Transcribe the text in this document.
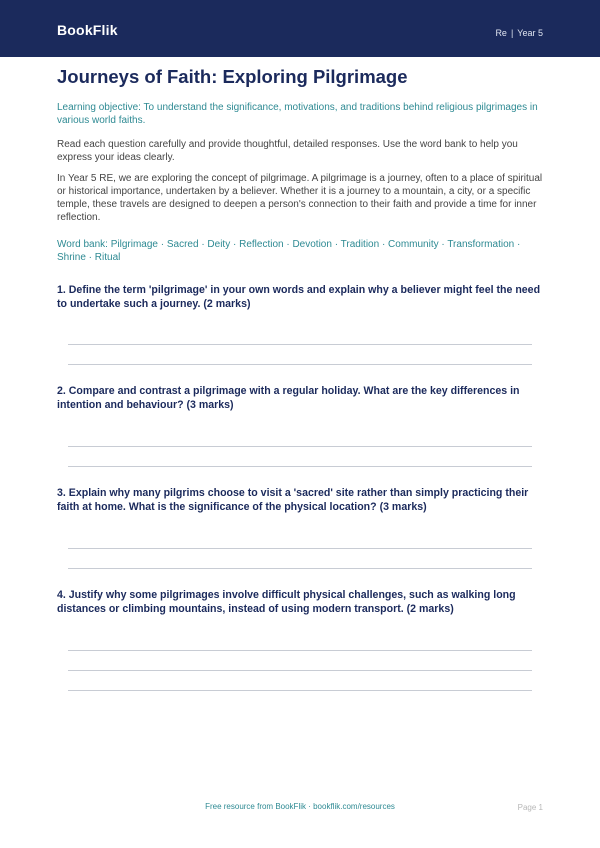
BookFlik	Re | Year 5
Journeys of Faith: Exploring Pilgrimage

Learning objective: To understand the significance, motivations, and traditions behind religious pilgrimages in various world faiths.

Read each question carefully and provide thoughtful, detailed responses. Use the word bank to help you express your ideas clearly.

In Year 5 RE, we are exploring the concept of pilgrimage. A pilgrimage is a journey, often to a place of spiritual or historical importance, undertaken by a believer. Whether it is a journey to a mountain, a city, or a specific temple, these travels are designed to deepen a person's connection to their faith and provide a time for inner reflection.

Word bank: Pilgrimage · Sacred · Deity · Reflection · Devotion · Tradition · Community · Transformation · Shrine · Ritual

1. Define the term 'pilgrimage' in your own words and explain why a believer might feel the need to undertake such a journey. (2 marks)

2. Compare and contrast a pilgrimage with a regular holiday. What are the key differences in intention and behaviour? (3 marks)

3. Explain why many pilgrims choose to visit a 'sacred' site rather than simply practicing their faith at home. What is the significance of the physical location? (3 marks)

4. Justify why some pilgrimages involve difficult physical challenges, such as walking long distances or climbing mountains, instead of using modern transport. (2 marks)

Free resource from BookFlik · bookflik.com/resources	Page 1
